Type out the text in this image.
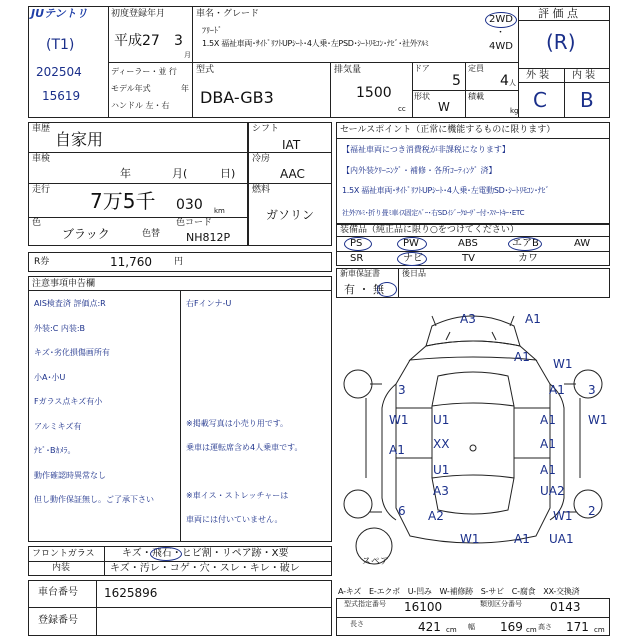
JUテントリ
(T1)
202504
15619
初度登録年月
平成27 3
月
車名・グレード
ﾌﾘｰﾄﾞ
1.5X 福祉車両･ｻｲﾄﾞﾘﾌﾄUPｼｰﾄ･4人乗･左PSD･ｼｰﾄﾘﾓｺﾝ･ﾅﾋﾞ･社外ｱﾙﾐ
2WD
・
4WD
評 価 点
(R)
外 装 内 装
C B
ディーラー・並 行
モデル年式	年
ハンドル 左・右
型式
DBA-GB3
排気量
1500
cc
ドア
5
定員
4 人
形状
W
積載
kg
車歴
自家用
車検
年	月(	日)
走行 7万5千 030 km
色
ブラック	色替
色コード
NH812P
シフト
IAT
冷房
AAC
燃料
ガソリン
R券	11,760 円
セールスポイント（正常に機能するものに限ります）
【福祉車両につき消費税が非課税になります】
【内外装ｸﾘｰﾆﾝｸﾞ・補修・各所ｺｰﾃｨﾝｸﾞ 済】
1.5X 福祉車両･ｻｲﾄﾞﾘﾌﾄUPｼｰﾄ･4人乗･左電動SD･ｼｰﾄﾘﾓｺﾝ･ﾅﾋﾞ
社外ｱﾙﾐ･折り畳ﾐ車ｲｽ固定ﾊﾞｰ･右SDｲｼﾞｰｸﾛｰｻﾞｰ付･ｽﾏｰﾄｷｰ･ETC
装備品（純正品に限り○をつけてください）
PS	PW	ABS	エアB	AW
SR	ナビ	TV	カワ
新車保証書
有 ・ 無
後日品
注意事項申告欄
AIS検査済 評価点:R
外装:C 内装:B
キズ･劣化損傷画所有
小A･小U
Fガラス点キズ有小
アルミキズ有
ﾅﾋﾞ･Bｶﾒﾗ｡
動作確認時異常なし
但し動作保証無し。ご了承下さい
右Fインナ-U
※掲載写真は小売り用です。
乗車は運転席含め4人乗車です。
※車イス・ストレッチャーは
車両には付いていません。
フロントガラス	キズ・飛石・ヒビ割・リペア跡・X要
内装	キズ・汚レ・コゲ・穴・スレ・キレ・破レ
車台番号 1625896
登録番号
A3	A1
A1 W1
3	A1 3
W1 U1	A1	W1
A1 XX	A1
U1	A1
A3	UA2
6 A2	2
W1
W1	A1 UA1
スペア
A-キズ　E-エクボ　U-凹み　W-補修跡　S-サビ　C-腐食　XX-交換済
型式指定番号 16100	類別区分番号 0143
長さ	421 cm 幅 169 cm 高さ 171 cm
